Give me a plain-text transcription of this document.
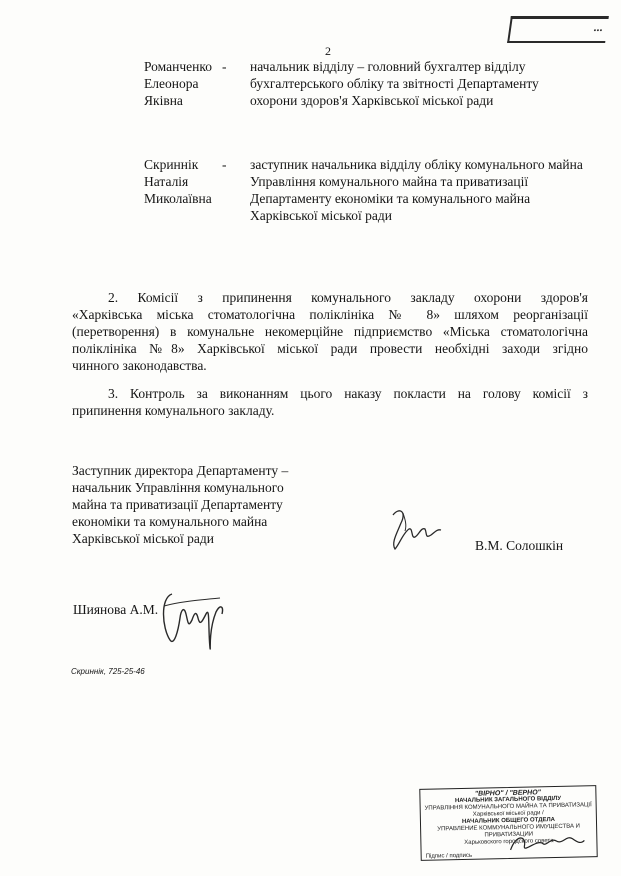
...
2
Романченко
Елеонора
Яківна
- начальник відділу – головний бухгалтер відділу
бухгалтерського обліку та звітності Департаменту
охорони здоров'я Харківської міської ради
Скриннік
Наталія
Миколаївна
- заступник начальника відділу обліку комунального майна
Управління комунального майна та приватизації
Департаменту економіки та комунального майна
Харківської міської ради
2. Комісії з припинення комунального закладу охорони здоров'я
«Харківська міська стоматологічна поліклініка № 8» шляхом реорганізації
(перетворення) в комунальне некомерційне підприємство «Міська стоматологічна
поліклініка №8» Харківської міської ради провести необхідні заходи згідно
чинного законодавства.
3. Контроль за виконанням цього наказу покласти на голову комісії з
припинення комунального закладу.
Заступник директора Департаменту –
начальник Управління комунального
майна та приватизації Департаменту
економіки та комунального майна
Харківської міської ради	В.М. Солошкін
Шиянова А.М.
Скриннік, 725-25-46
"ВІРНО" / "ВЕРНО"
НАЧАЛЬНИК ЗАГАЛЬНОГО ВІДДІЛУ
УПРАВЛІННЯ КОМУНАЛЬНОГО МАЙНА ТА ПРИВАТИЗАЦІЇ
Харківської міської ради /
НАЧАЛЬНИК ОБЩЕГО ОТДЕЛА
УПРАВЛЕНИЕ КОММУНАЛЬНОГО ИМУЩЕСТВА И ПРИВАТИЗАЦИИ
Харьковского городского совета
Підпис / подпись
